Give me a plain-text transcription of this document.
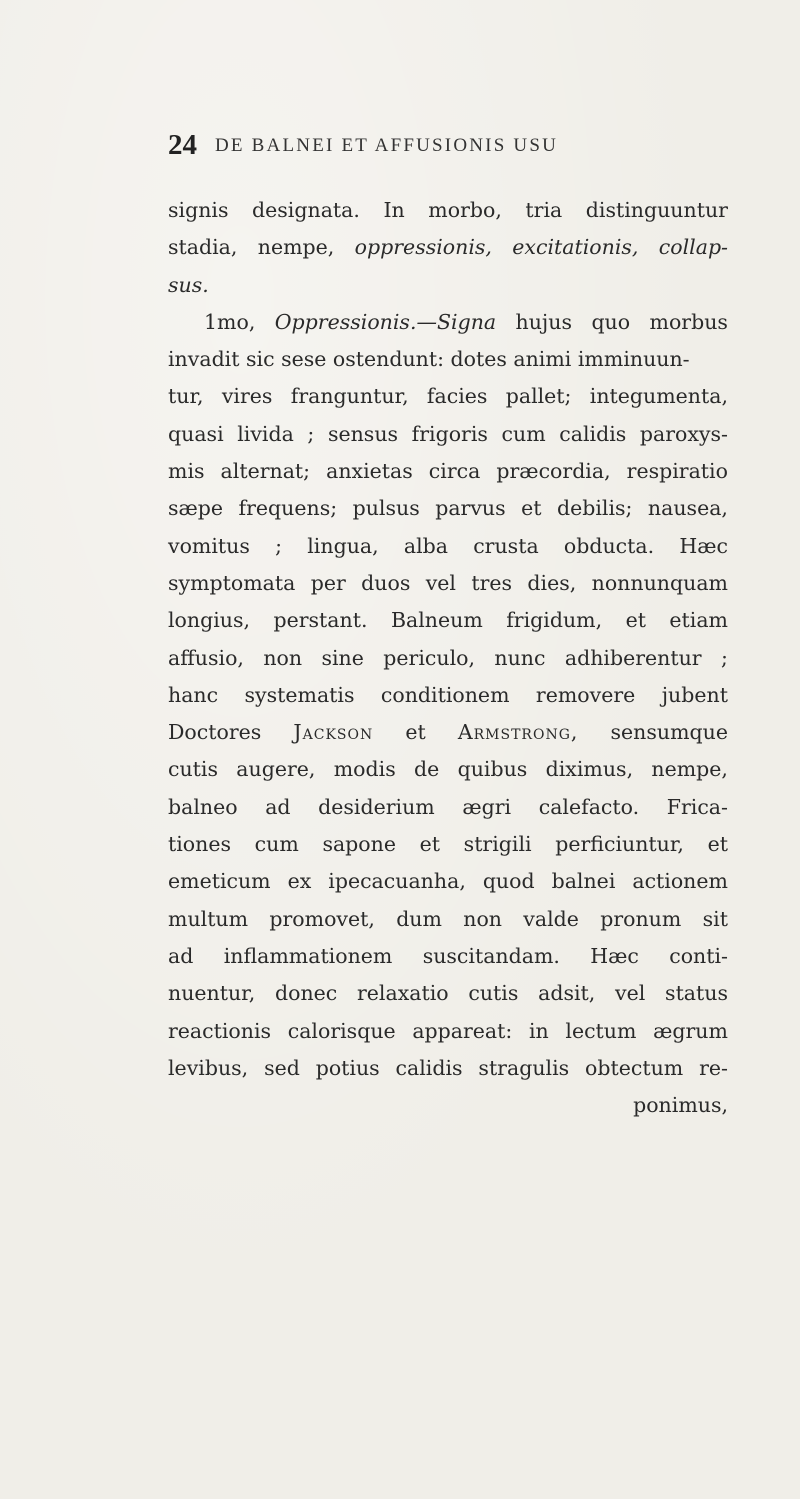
24 DE BALNEI ET AFFUSIONIS USU
signis designata. In morbo, tria distinguuntur
stadia, nempe, oppressionis, excitationis, collap-
sus.
1mo, Oppressionis.—Signa hujus quo morbus
invadit sic sese ostendunt: dotes animi imminuun-
tur, vires franguntur, facies pallet; integumenta,
quasi livida ; sensus frigoris cum calidis paroxys-
mis alternat; anxietas circa præcordia, respiratio
sæpe frequens; pulsus parvus et debilis; nausea,
vomitus ; lingua, alba crusta obducta. Hæc
symptomata per duos vel tres dies, nonnunquam
longius, perstant. Balneum frigidum, et etiam
affusio, non sine periculo, nunc adhiberentur ;
hanc systematis conditionem removere jubent
Doctores Jackson et Armstrong, sensumque
cutis augere, modis de quibus diximus, nempe,
balneo ad desiderium ægri calefacto. Frica-
tiones cum sapone et strigili perficiuntur, et
emeticum ex ipecacuanha, quod balnei actionem
multum promovet, dum non valde pronum sit
ad inflammationem suscitandam. Hæc conti-
nuentur, donec relaxatio cutis adsit, vel status
reactionis calorisque appareat: in lectum ægrum
levibus, sed potius calidis stragulis obtectum re-
ponimus,
